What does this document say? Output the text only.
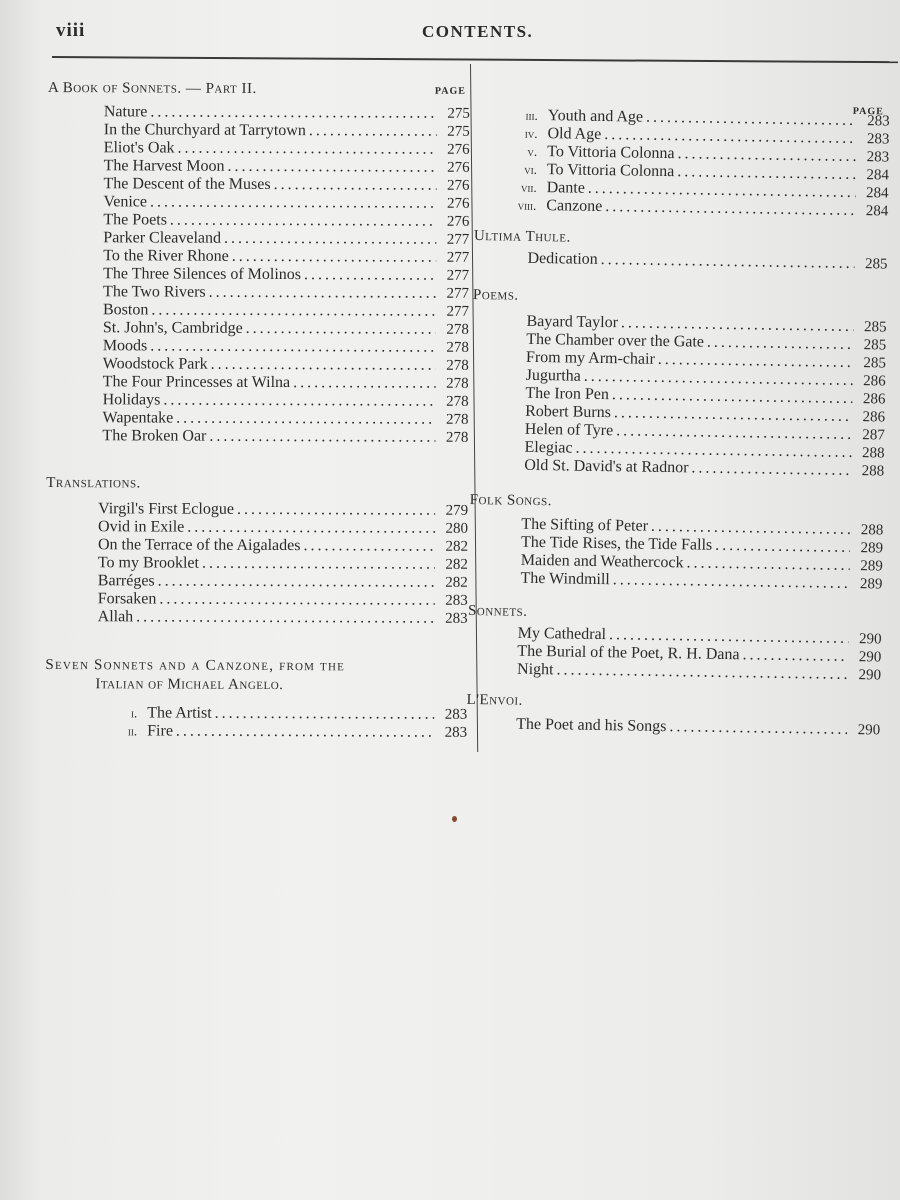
viii	CONTENTS.
A Book of Sonnets. — Part II.	PAGE
Nature . . .	275
In the Churchyard at Tarrytown . . .	275
Eliot's Oak . . .	276
The Harvest Moon . . .	276
The Descent of the Muses . . .	276
Venice . . .	276
The Poets . . .	276
Parker Cleaveland . . .	277
To the River Rhone . . .	277
The Three Silences of Molinos . . .	277
The Two Rivers . . .	277
Boston . . .	277
St. John's, Cambridge . . .	278
Moods . . .	278
Woodstock Park . . .	278
The Four Princesses at Wilna . . .	278
Holidays . . .	278
Wapentake . . .	278
The Broken Oar . . .	278
Translations.
Virgil's First Eclogue . . .	279
Ovid in Exile . . .	280
On the Terrace of the Aigalades . . .	282
To my Brooklet . . .	282
Barréges . . .	282
Forsaken . . .	283
Allah . . .	283
Seven Sonnets and a Canzone, from the
Italian of Michael Angelo.
i. The Artist . . .	283
ii. Fire . . .	283
PAGE
iii. Youth and Age . . .	283
iv. Old Age . . .	283
v. To Vittoria Colonna . . .	283
vi. To Vittoria Colonna . . .	284
vii. Dante . . .	284
viii. Canzone . . .	284
Ultima Thule.
Dedication . . .	285
Poems.
Bayard Taylor . . .	285
The Chamber over the Gate . . .	285
From my Arm-chair . . .	285
Jugurtha . . .	286
The Iron Pen . . .	286
Robert Burns . . .	286
Helen of Tyre . . .	287
Elegiac . . .	288
Old St. David's at Radnor . . .	288
Folk Songs.
The Sifting of Peter . . .	288
The Tide Rises, the Tide Falls . . .	289
Maiden and Weathercock . . .	289
The Windmill . . .	289
Sonnets.
My Cathedral . . .	290
The Burial of the Poet, R. H. Dana . . .	290
Night . . .	290
L'Envoi.
The Poet and his Songs . . .	290
